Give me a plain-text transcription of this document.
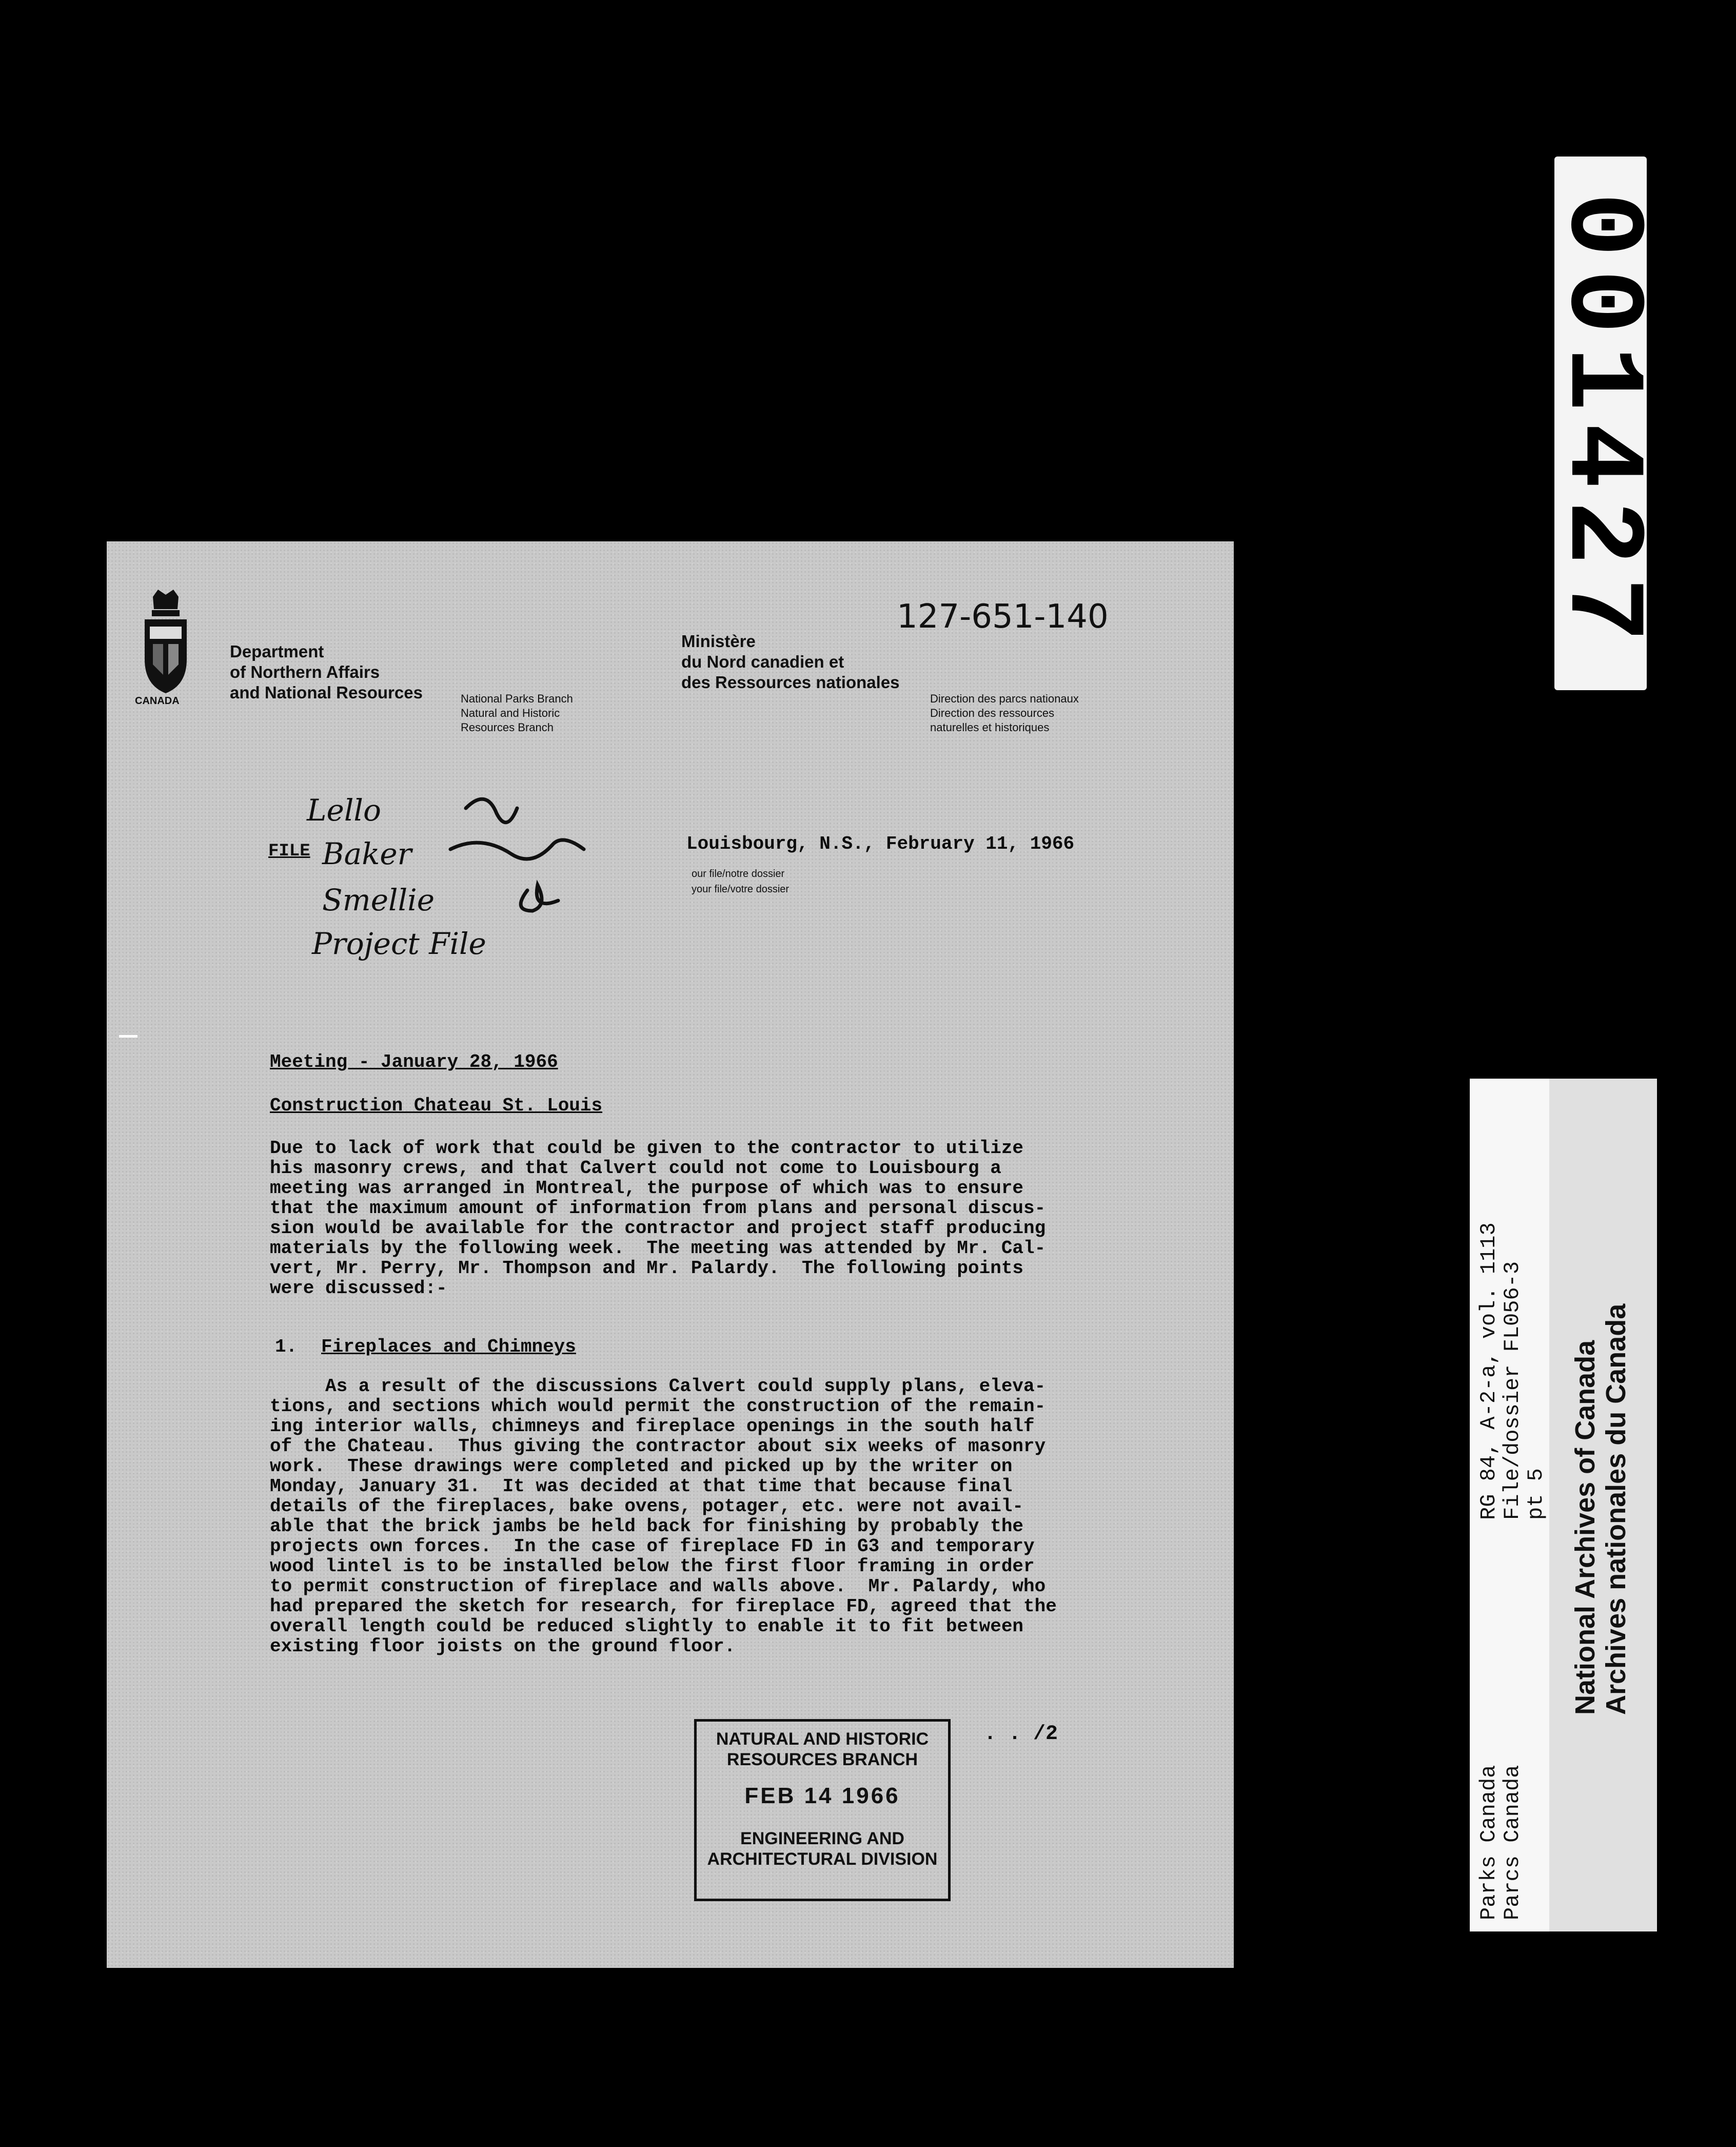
001427
CANADA
Department
of Northern Affairs
and National Resources	National Parks Branch
Natural and Historic
Resources Branch
Ministère
du Nord canadien et
des Ressources nationales
Direction des parcs nationaux
Direction des ressources
naturelles et historiques
127-651-140
FILE
Lello
Baker
Smellie
Project File
Louisbourg, N.S., February 11, 1966
our file/notre dossier
your file/votre dossier
Meeting - January 28, 1966
Construction Chateau St. Louis
Due to lack of work that could be given to the contractor to utilize
his masonry crews, and that Calvert could not come to Louisbourg a
meeting was arranged in Montreal, the purpose of which was to ensure
that the maximum amount of information from plans and personal discus-
sion would be available for the contractor and project staff producing
materials by the following week.  The meeting was attended by Mr. Cal-
vert, Mr. Perry, Mr. Thompson and Mr. Palardy.  The following points
were discussed:-
1. Fireplaces and Chimneys
As a result of the discussions Calvert could supply plans, eleva-
tions, and sections which would permit the construction of the remain-
ing interior walls, chimneys and fireplace openings in the south half
of the Chateau.  Thus giving the contractor about six weeks of masonry
work.  These drawings were completed and picked up by the writer on
Monday, January 31.  It was decided at that time that because final
details of the fireplaces, bake ovens, potager, etc. were not avail-
able that the brick jambs be held back for finishing by probably the
projects own forces.  In the case of fireplace FD in G3 and temporary
wood lintel is to be installed below the first floor framing in order
to permit construction of fireplace and walls above.  Mr. Palardy, who
had prepared the sketch for research, for fireplace FD, agreed that the
overall length could be reduced slightly to enable it to fit between
existing floor joists on the ground floor.
NATURAL AND HISTORIC
RESOURCES BRANCH
FEB 14 1966
ENGINEERING AND
ARCHITECTURAL DIVISION
. . /2
RG 84, A-2-a, vol. 1113
File/dossier FL056-3
pt 5
Parks Canada
Parcs Canada
National Archives of Canada Archives nationales du Canada
